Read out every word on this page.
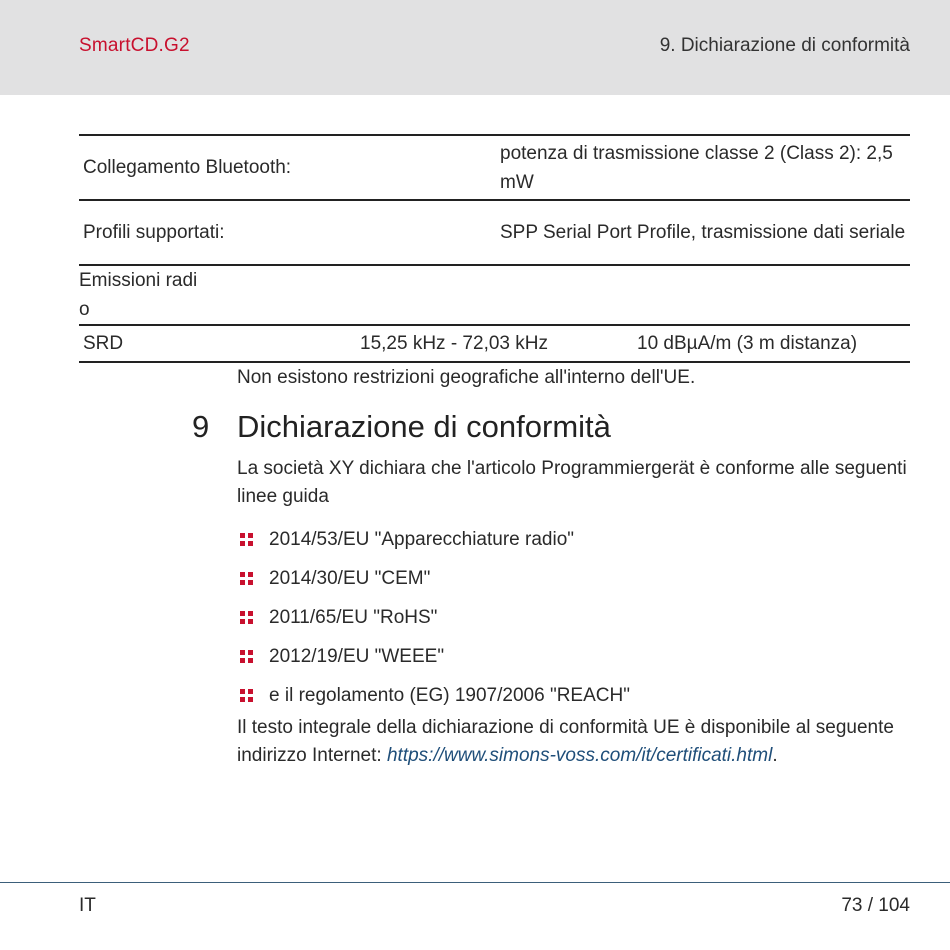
SmartCD.G2	9. Dichiarazione di conformità
Collegamento Bluetooth:			potenza di trasmissione classe 2 (Class 2): 2,5 mW	
Profili supportati:			SPP Serial Port Profile, trasmissione dati seriale	

Emissioni radio				

SRD		15,25 kHz - 72,03 kHz		10 dBµA/m (3 m distanza)
Non esistono restrizioni geografiche all'interno dell'UE.
9 Dichiarazione di conformità

La società XY dichiara che l'articolo Programmiergerät è conforme alle seguenti linee guida

2014/53/EU "Apparecchiature radio"
2014/30/EU "CEM"
2011/65/EU "RoHS"
2012/19/EU "WEEE"
e il regolamento (EG) 1907/2006 "REACH"

Il testo integrale della dichiarazione di conformità UE è disponibile al seguente indirizzo Internet: https://www.simons-voss.com/it/certificati.html.

IT	73 / 104
